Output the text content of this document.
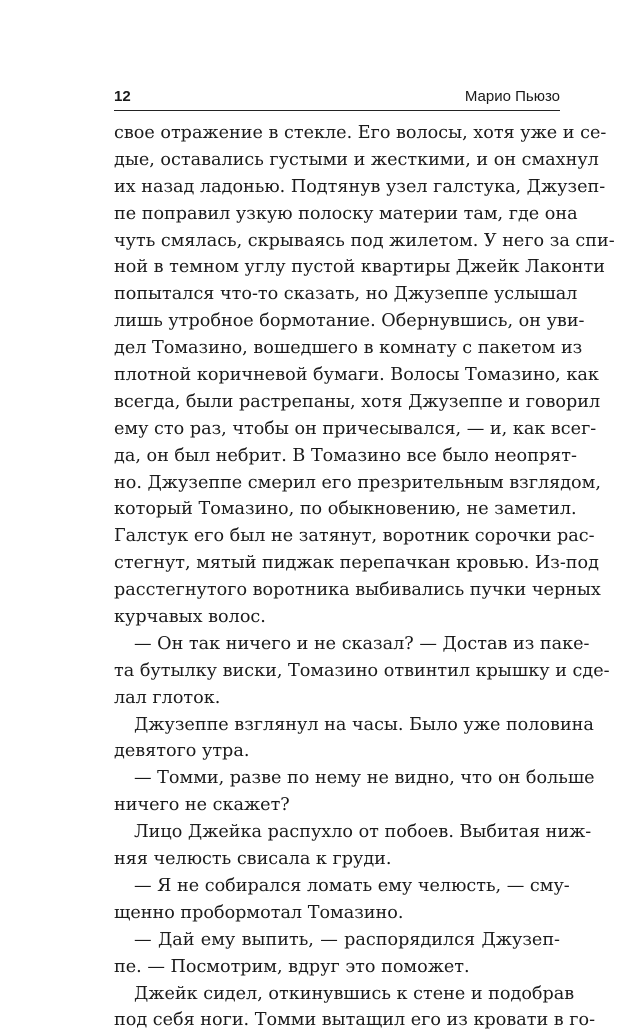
12	Марио Пьюзо
свое отражение в стекле. Его волосы, хотя уже и се-
дые, оставались густыми и жесткими, и он смахнул
их назад ладонью. Подтянув узел галстука, Джузеп-
пе поправил узкую полоску материи там, где она
чуть смялась, скрываясь под жилетом. У него за спи-
ной в темном углу пустой квартиры Джейк Лаконти
попытался что-то сказать, но Джузеппе услышал
лишь утробное бормотание. Обернувшись, он уви-
дел Томазино, вошедшего в комнату с пакетом из
плотной коричневой бумаги. Волосы Томазино, как
всегда, были растрепаны, хотя Джузеппе и говорил
ему сто раз, чтобы он причесывался, — и, как всег-
да, он был небрит. В Томазино все было неопрят-
но. Джузеппе смерил его презрительным взглядом,
который Томазино, по обыкновению, не заметил.
Галстук его был не затянут, воротник сорочки рас-
стегнут, мятый пиджак перепачкан кровью. Из-под
расстегнутого воротника выбивались пучки черных
курчавых волос.
— Он так ничего и не сказал? — Достав из паке-
та бутылку виски, Томазино отвинтил крышку и сде-
лал глоток.
Джузеппе взглянул на часы. Было уже половина
девятого утра.
— Томми, разве по нему не видно, что он больше
ничего не скажет?
Лицо Джейка распухло от побоев. Выбитая ниж-
няя челюсть свисала к груди.
— Я не собирался ломать ему челюсть, — сму-
щенно пробормотал Томазино.
— Дай ему выпить, — распорядился Джузеп-
пе. — Посмотрим, вдруг это поможет.
Джейк сидел, откинувшись к стене и подобрав
под себя ноги. Томми вытащил его из кровати в го-
